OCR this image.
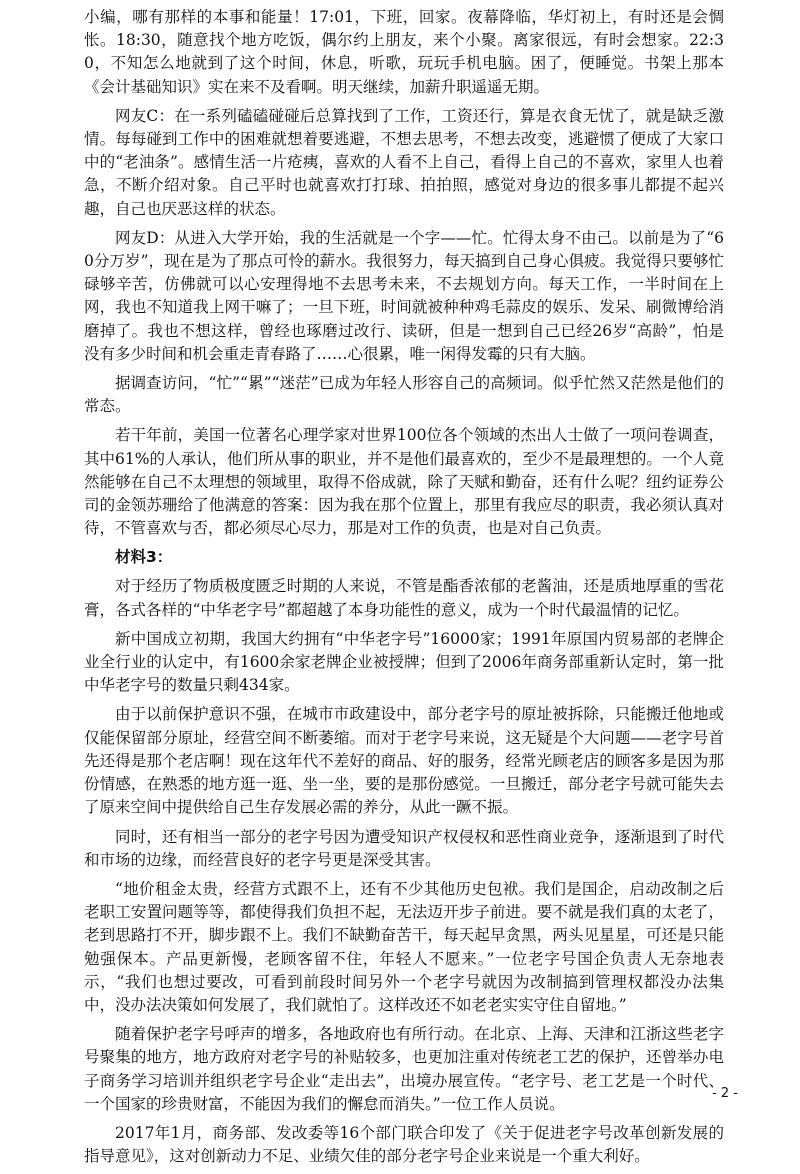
小编，哪有那样的本事和能量！17:01，下班，回家。夜幕降临，华灯初上，有时还是会惆怅。18:30，随意找个地方吃饭，偶尔约上朋友，来个小聚。离家很远，有时会想家。22:30，不知怎么地就到了这个时间，休息，听歌，玩玩手机电脑。困了，便睡觉。书架上那本《会计基础知识》实在来不及看啊。明天继续，加薪升职遥遥无期。

网友C：在一系列磕磕碰碰后总算找到了工作，工资还行，算是衣食无忧了，就是缺乏激情。每每碰到工作中的困难就想着要逃避，不想去思考，不想去改变，逃避惯了便成了大家口中的“老油条”。感情生活一片疮痍，喜欢的人看不上自己，看得上自己的不喜欢，家里人也着急，不断介绍对象。自己平时也就喜欢打打球、拍拍照，感觉对身边的很多事儿都提不起兴趣，自己也厌恶这样的状态。

网友D：从进入大学开始，我的生活就是一个字——忙。忙得太身不由己。以前是为了“60分万岁”，现在是为了那点可怜的薪水。我很努力，每天搞到自己身心俱疲。我觉得只要够忙碌够辛苦，仿佛就可以心安理得地不去思考未来，不去规划方向。每天工作，一半时间在上网，我也不知道我上网干嘛了；一旦下班，时间就被种种鸡毛蒜皮的娱乐、发呆、刷微博给消磨掉了。我也不想这样，曾经也琢磨过改行、读研，但是一想到自己已经26岁“高龄”，怕是没有多少时间和机会重走青春路了……心很累，唯一闲得发霉的只有大脑。

据调查访问，“忙”“累”“迷茫”已成为年轻人形容自己的高频词。似乎忙然又茫然是他们的常态。

若干年前，美国一位著名心理学家对世界100位各个领域的杰出人士做了一项问卷调查，其中61%的人承认，他们所从事的职业，并不是他们最喜欢的，至少不是最理想的。一个人竟然能够在自己不太理想的领域里，取得不俗成就，除了天赋和勤奋，还有什么呢？纽约证券公司的金领苏珊给了他满意的答案：因为我在那个位置上，那里有我应尽的职责，我必须认真对待，不管喜欢与否，都必须尽心尽力，那是对工作的负责，也是对自己负责。

材料3：

对于经历了物质极度匮乏时期的人来说，不管是酯香浓郁的老酱油，还是质地厚重的雪花膏，各式各样的“中华老字号”都超越了本身功能性的意义，成为一个时代最温情的记忆。

新中国成立初期，我国大约拥有“中华老字号”16000家；1991年原国内贸易部的老牌企业全行业的认定中，有1600余家老牌企业被授牌；但到了2006年商务部重新认定时，第一批中华老字号的数量只剩434家。

由于以前保护意识不强，在城市市政建设中，部分老字号的原址被拆除，只能搬迁他地或仅能保留部分原址，经营空间不断萎缩。而对于老字号来说，这无疑是个大问题——老字号首先还得是那个老店啊！现在这年代不差好的商品、好的服务，经常光顾老店的顾客多是因为那份情感，在熟悉的地方逛一逛、坐一坐，要的是那份感觉。一旦搬迁，部分老字号就可能失去了原来空间中提供给自己生存发展必需的养分，从此一蹶不振。

同时，还有相当一部分的老字号因为遭受知识产权侵权和恶性商业竞争，逐渐退到了时代和市场的边缘，而经营良好的老字号更是深受其害。

“地价租金太贵，经营方式跟不上，还有不少其他历史包袱。我们是国企，启动改制之后老职工安置问题等等，都使得我们负担不起，无法迈开步子前进。要不就是我们真的太老了，老到思路打不开，脚步跟不上。我们不缺勤奋苦干，每天起早贪黑，两头见星星，可还是只能勉强保本。产品更新慢，老顾客留不住，年轻人不愿来。”一位老字号国企负责人无奈地表示，“我们也想过要改，可看到前段时间另外一个老字号就因为改制搞到管理权都没办法集中，没办法决策如何发展了，我们就怕了。这样改还不如老老实实守住自留地。”

随着保护老字号呼声的增多，各地政府也有所行动。在北京、上海、天津和江浙这些老字号聚集的地方，地方政府对老字号的补贴较多，也更加注重对传统老工艺的保护，还曾举办电子商务学习培训并组织老字号企业“走出去”，出境办展宣传。“老字号、老工艺是一个时代、一个国家的珍贵财富，不能因为我们的懈怠而消失。”一位工作人员说。

2017年1月，商务部、发改委等16个部门联合印发了《关于促进老字号改革创新发展的指导意见》，这对创新动力不足、业绩欠佳的部分老字号企业来说是一个重大利好。

- 2 -
